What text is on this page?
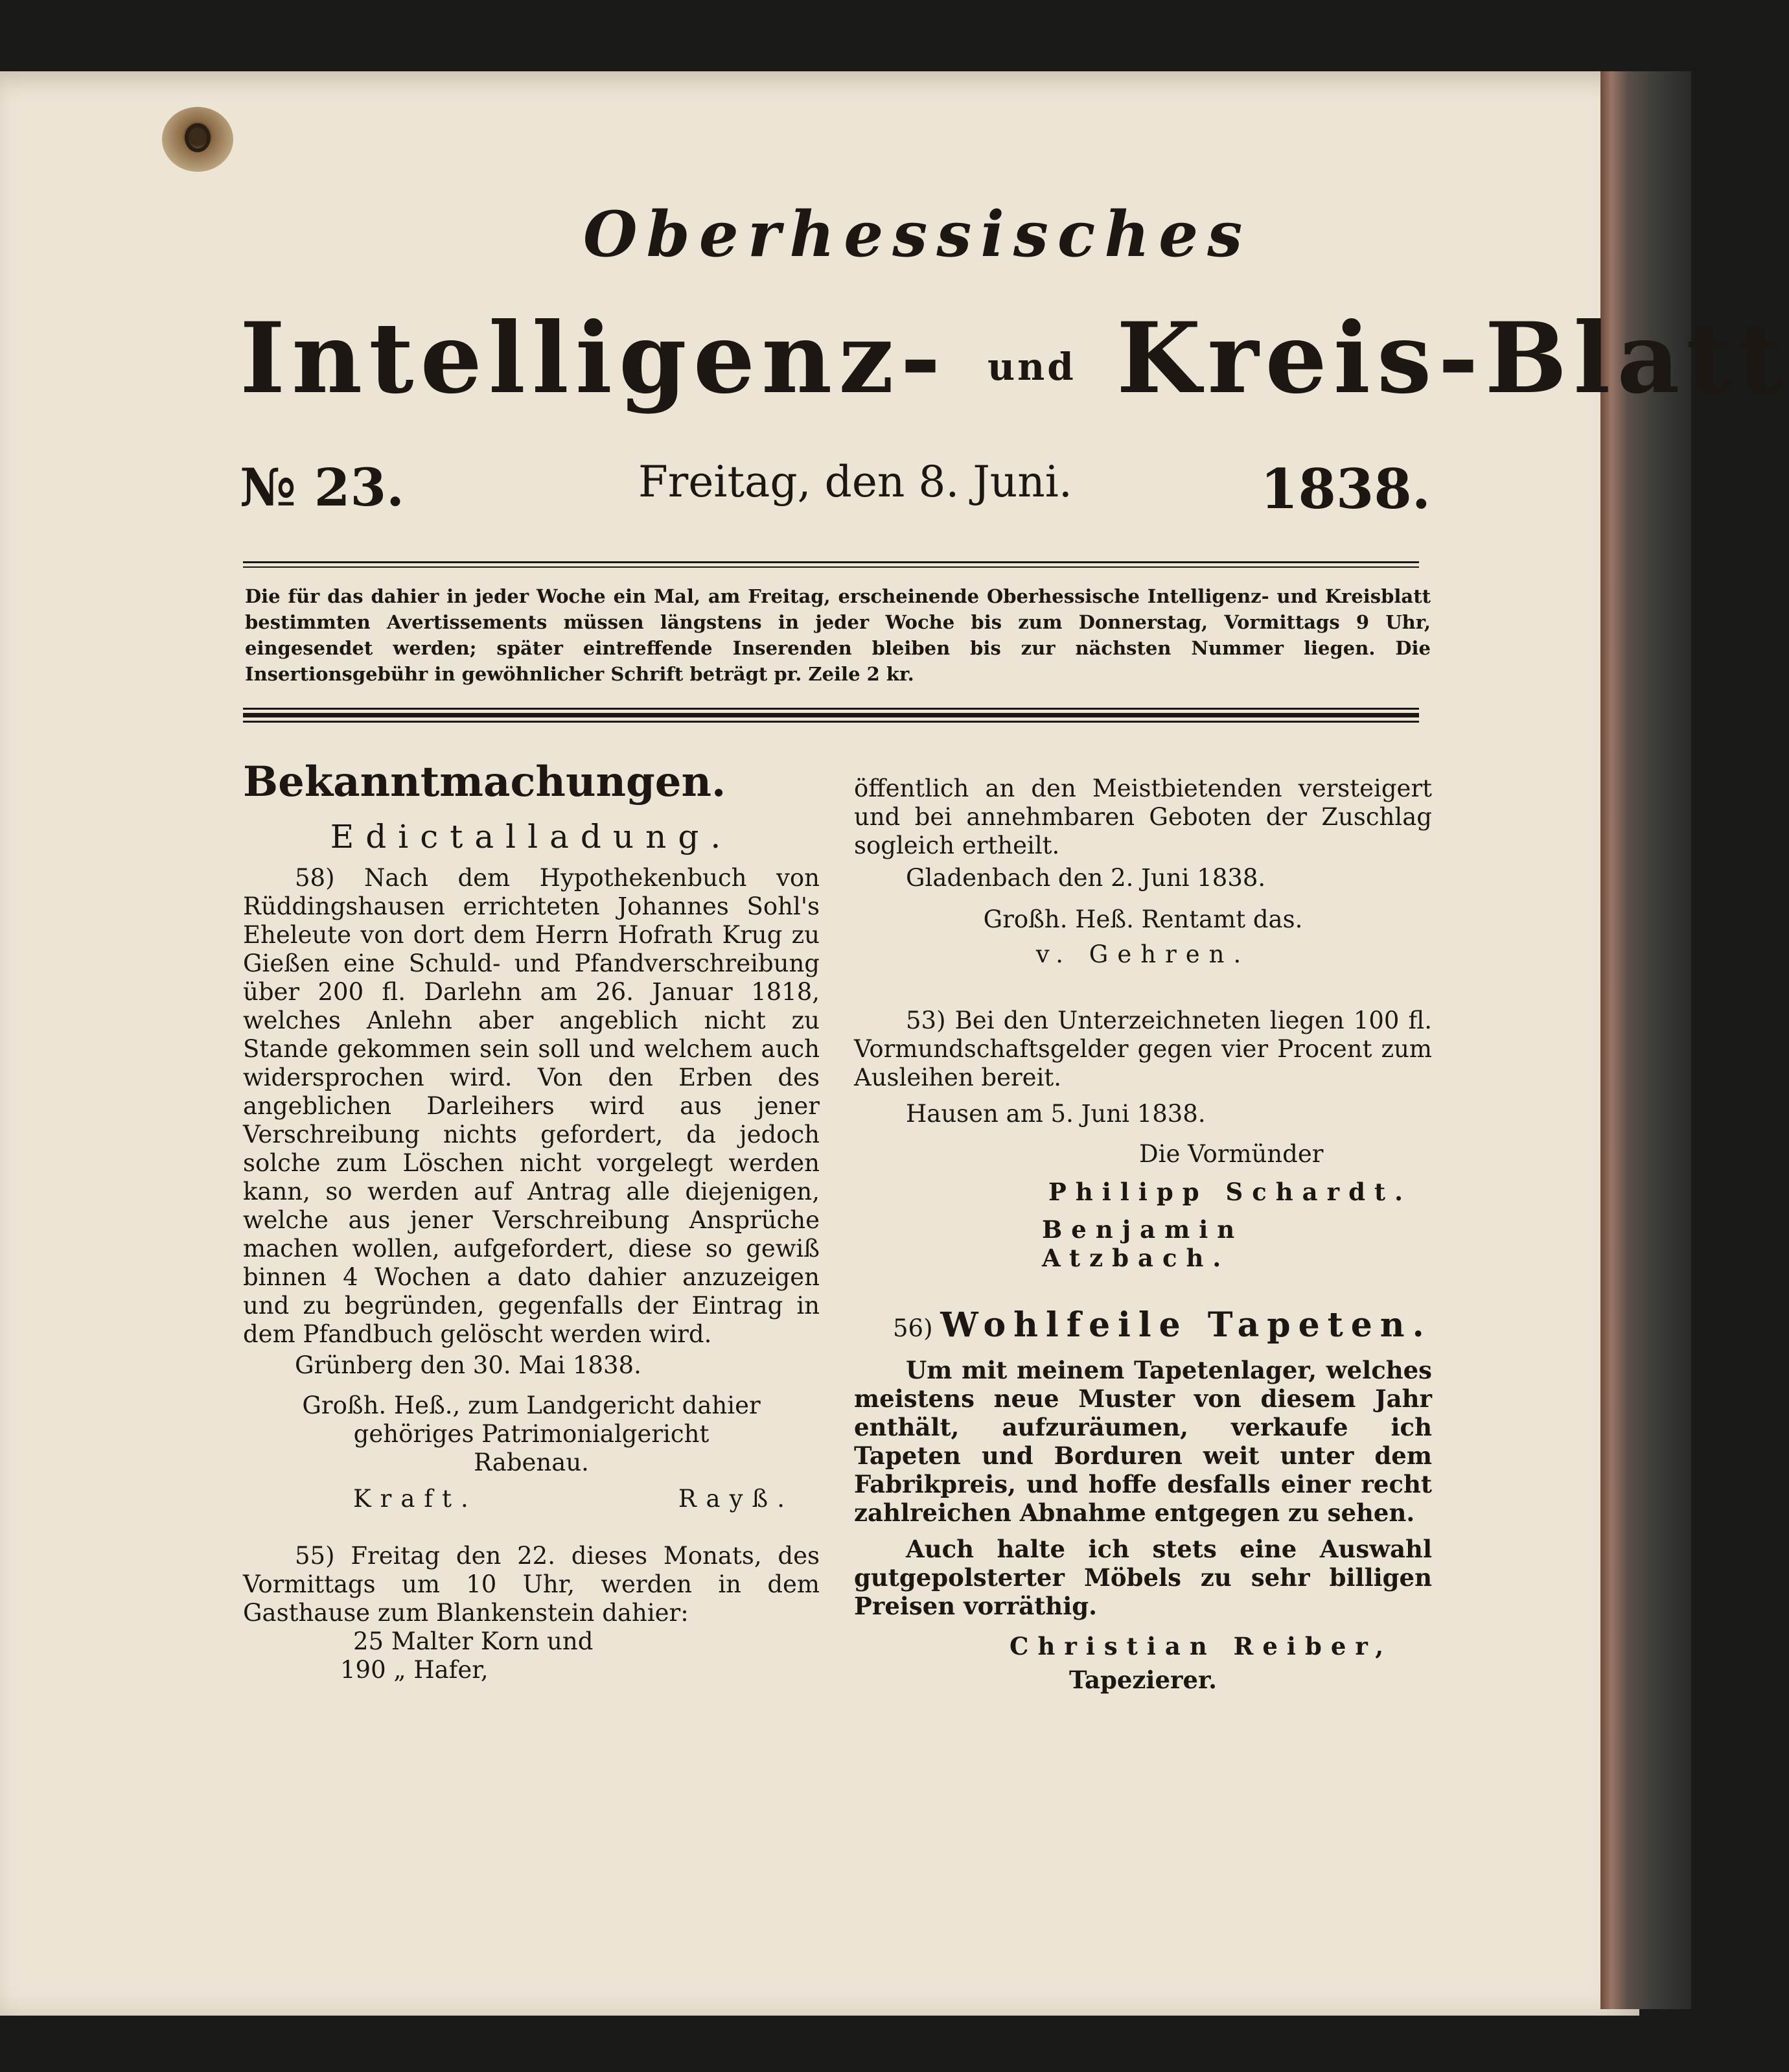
Oberhessisches
Intelligenz- und Kreis-Blatt
№ 23.	Freitag, den 8. Juni.	1838.
Die für das dahier in jeder Woche ein Mal, am Freitag, erscheinende Oberhessische Intelligenz- und Kreisblatt bestimmten Avertissements müssen längstens in jeder Woche bis zum Donnerstag, Vormittags 9 Uhr, eingesendet werden; später eintreffende Inserenden bleiben bis zur nächsten Nummer liegen. Die Insertionsgebühr in gewöhnlicher Schrift beträgt pr. Zeile 2 kr.

Bekanntmachungen.

Edictalladung.

58) Nach dem Hypothekenbuch von Rüddingshausen errichteten Johannes Sohl's Eheleute von dort dem Herrn Hofrath Krug zu Gießen eine Schuld- und Pfandverschreibung über 200 fl. Darlehn am 26. Januar 1818, welches Anlehn aber angeblich nicht zu Stande gekommen sein soll und welchem auch widersprochen wird. Von den Erben des angeblichen Darleihers wird aus jener Verschreibung nichts gefordert, da jedoch solche zum Löschen nicht vorgelegt werden kann, so werden auf Antrag alle diejenigen, welche aus jener Verschreibung Ansprüche machen wollen, aufgefordert, diese so gewiß binnen 4 Wochen a dato dahier anzuzeigen und zu begründen, gegenfalls der Eintrag in dem Pfandbuch gelöscht werden wird.

Grünberg den 30. Mai 1838.

Großh. Heß., zum Landgericht dahier

gehöriges Patrimonialgericht

Rabenau.

Kraft.	Rayß.

55) Freitag den 22. dieses Monats, des Vormittags um 10 Uhr, werden in dem Gasthause zum Blankenstein dahier:

25 Malter Korn und

190 „ Hafer,

öffentlich an den Meistbietenden versteigert und bei annehmbaren Geboten der Zuschlag sogleich ertheilt.

Gladenbach den 2. Juni 1838.

Großh. Heß. Rentamt das.

v. Gehren.

53) Bei den Unterzeichneten liegen 100 fl. Vormundschaftsgelder gegen vier Procent zum Ausleihen bereit.

Hausen am 5. Juni 1838.

Die Vormünder

Philipp Schardt.

Benjamin Atzbach.

56) Wohlfeile Tapeten.

Um mit meinem Tapetenlager, welches meistens neue Muster von diesem Jahr enthält, aufzuräumen, verkaufe ich Tapeten und Borduren weit unter dem Fabrikpreis, und hoffe desfalls einer recht zahlreichen Abnahme entgegen zu sehen.

Auch halte ich stets eine Auswahl gutgepolsterter Möbels zu sehr billigen Preisen vorräthig.

Christian Reiber,

Tapezierer.
